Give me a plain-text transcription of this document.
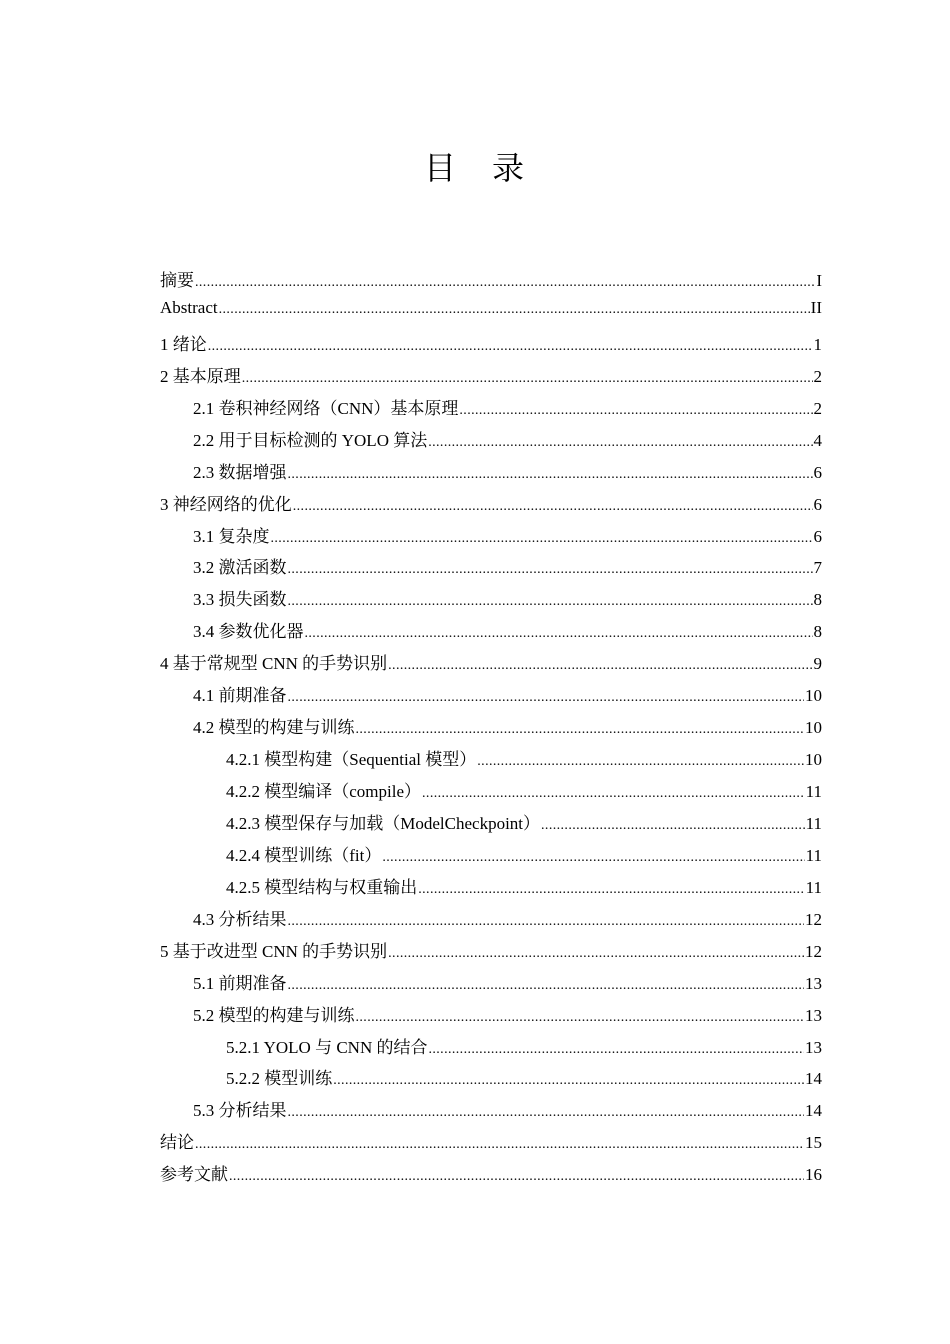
目　录
摘要 .....	I
Abstract .....	II
1 绪论 .....	1
2 基本原理 .....	2
2.1 卷积神经网络（CNN）基本原理 .....	2
2.2 用于目标检测的 YOLO 算法 .....	4
2.3 数据增强 .....	6
3 神经网络的优化 .....	6
3.1 复杂度 .....	6
3.2 激活函数 .....	7
3.3 损失函数 .....	8
3.4 参数优化器 .....	8
4 基于常规型 CNN 的手势识别 .....	9
4.1 前期准备 .....	10
4.2 模型的构建与训练 .....	10
4.2.1 模型构建（Sequential 模型） .....	10
4.2.2 模型编译（compile） .....	11
4.2.3 模型保存与加载（ModelCheckpoint） .....	11
4.2.4 模型训练（fit） .....	11
4.2.5 模型结构与权重输出 .....	11
4.3 分析结果 .....	12
5 基于改进型 CNN 的手势识别 .....	12
5.1 前期准备 .....	13
5.2 模型的构建与训练 .....	13
5.2.1 YOLO 与 CNN 的结合 .....	13
5.2.2 模型训练 .....	14
5.3 分析结果 .....	14
结论 .....	15
参考文献 .....	16
